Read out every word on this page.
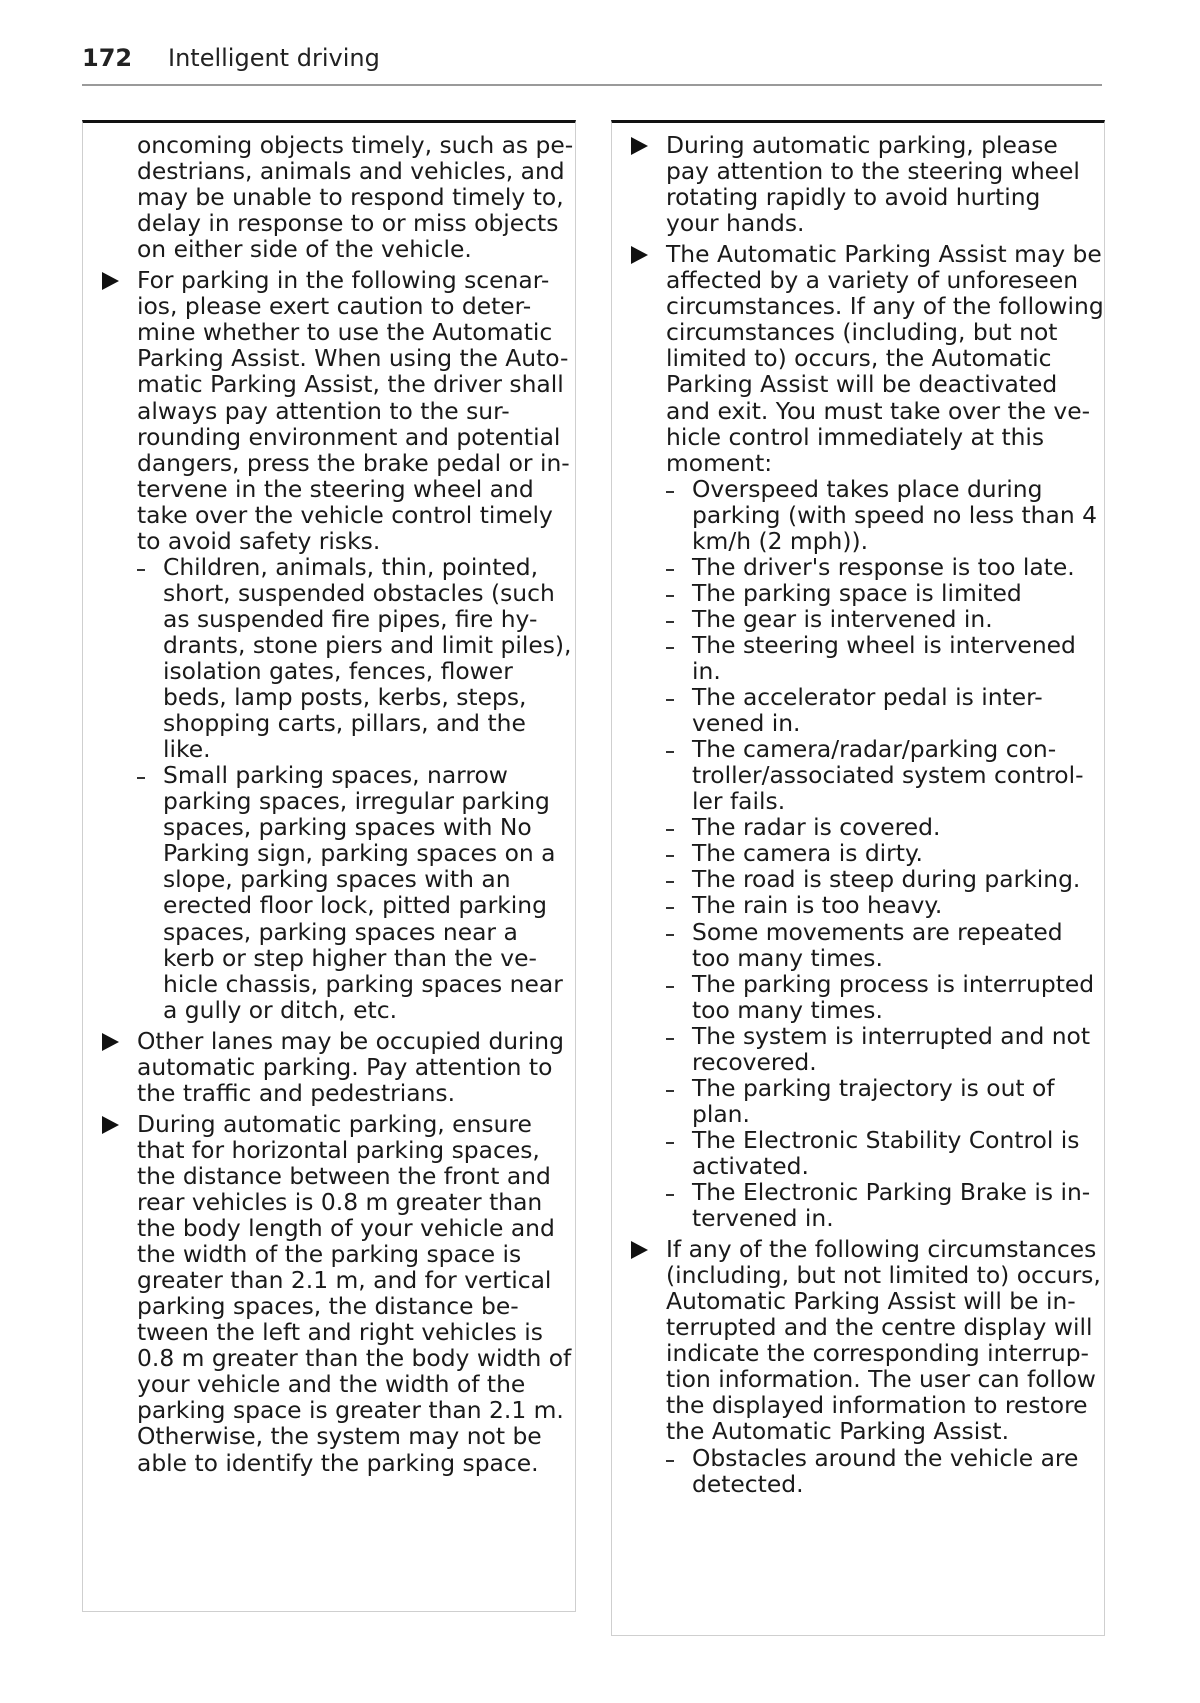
172	Intelligent driving
oncoming objects timely, such as pe-
destrians, animals and vehicles, and
may be unable to respond timely to,
delay in response to or miss objects
on either side of the vehicle.
For parking in the following scenar-
ios, please exert caution to deter-
mine whether to use the Automatic
Parking Assist. When using the Auto-
matic Parking Assist, the driver shall
always pay attention to the sur-
rounding environment and potential
dangers, press the brake pedal or in-
tervene in the steering wheel and
take over the vehicle control timely
to avoid safety risks.
Children, animals, thin, pointed,
short, suspended obstacles (such
as suspended fire pipes, fire hy-
drants, stone piers and limit piles),
isolation gates, fences, flower
beds, lamp posts, kerbs, steps,
shopping carts, pillars, and the
like.
Small parking spaces, narrow
parking spaces, irregular parking
spaces, parking spaces with No
Parking sign, parking spaces on a
slope, parking spaces with an
erected floor lock, pitted parking
spaces, parking spaces near a
kerb or step higher than the ve-
hicle chassis, parking spaces near
a gully or ditch, etc.
Other lanes may be occupied during
automatic parking. Pay attention to
the traffic and pedestrians.
During automatic parking, ensure
that for horizontal parking spaces,
the distance between the front and
rear vehicles is 0.8 m greater than
the body length of your vehicle and
the width of the parking space is
greater than 2.1 m, and for vertical
parking spaces, the distance be-
tween the left and right vehicles is
0.8 m greater than the body width of
your vehicle and the width of the
parking space is greater than 2.1 m.
Otherwise, the system may not be
able to identify the parking space.
During automatic parking, please
pay attention to the steering wheel
rotating rapidly to avoid hurting
your hands.
The Automatic Parking Assist may be
affected by a variety of unforeseen
circumstances. If any of the following
circumstances (including, but not
limited to) occurs, the Automatic
Parking Assist will be deactivated
and exit. You must take over the ve-
hicle control immediately at this
moment:
Overspeed takes place during
parking (with speed no less than 4
km/h (2 mph)).
The driver's response is too late.
The parking space is limited
The gear is intervened in.
The steering wheel is intervened
in.
The accelerator pedal is inter-
vened in.
The camera/radar/parking con-
troller/associated system control-
ler fails.
The radar is covered.
The camera is dirty.
The road is steep during parking.
The rain is too heavy.
Some movements are repeated
too many times.
The parking process is interrupted
too many times.
The system is interrupted and not
recovered.
The parking trajectory is out of
plan.
The Electronic Stability Control is
activated.
The Electronic Parking Brake is in-
tervened in.
If any of the following circumstances
(including, but not limited to) occurs,
Automatic Parking Assist will be in-
terrupted and the centre display will
indicate the corresponding interrup-
tion information. The user can follow
the displayed information to restore
the Automatic Parking Assist.
Obstacles around the vehicle are
detected.
